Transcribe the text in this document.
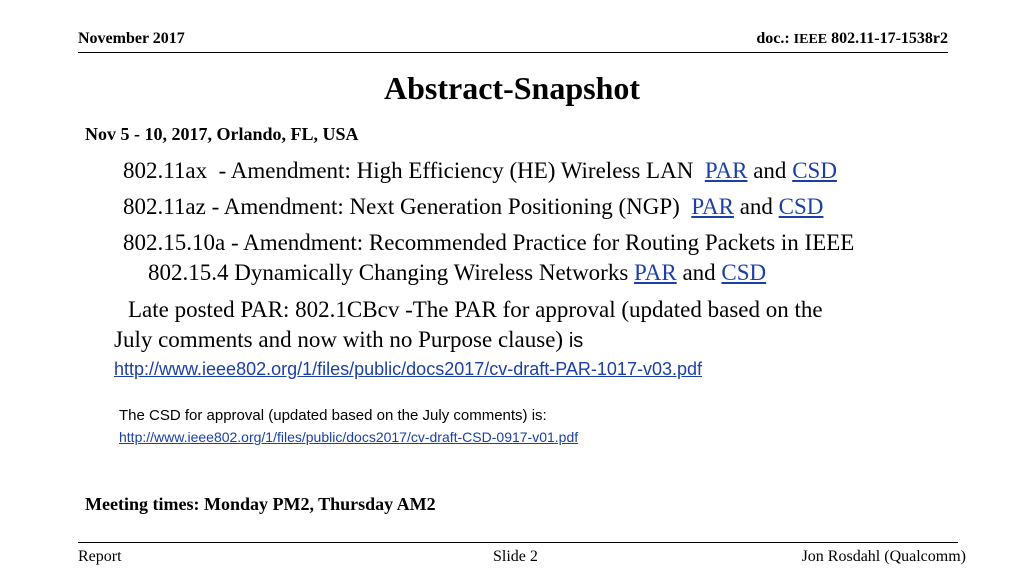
November 2017	doc.: IEEE 802.11-17-1538r2
Abstract-Snapshot
Nov 5 - 10, 2017, Orlando, FL, USA
802.11ax  - Amendment: High Efficiency (HE) Wireless LAN  PAR and CSD
802.11az - Amendment: Next Generation Positioning (NGP)  PAR and CSD
802.15.10a - Amendment: Recommended Practice for Routing Packets in IEEE
802.15.4 Dynamically Changing Wireless Networks PAR and CSD
Late posted PAR: 802.1CBcv -The PAR for approval (updated based on the
July comments and now with no Purpose clause) is
http://www.ieee802.org/1/files/public/docs2017/cv-draft-PAR-1017-v03.pdf
The CSD for approval (updated based on the July comments) is:
http://www.ieee802.org/1/files/public/docs2017/cv-draft-CSD-0917-v01.pdf
Meeting times: Monday PM2, Thursday AM2
Report	Slide 2	Jon Rosdahl (Qualcomm)
